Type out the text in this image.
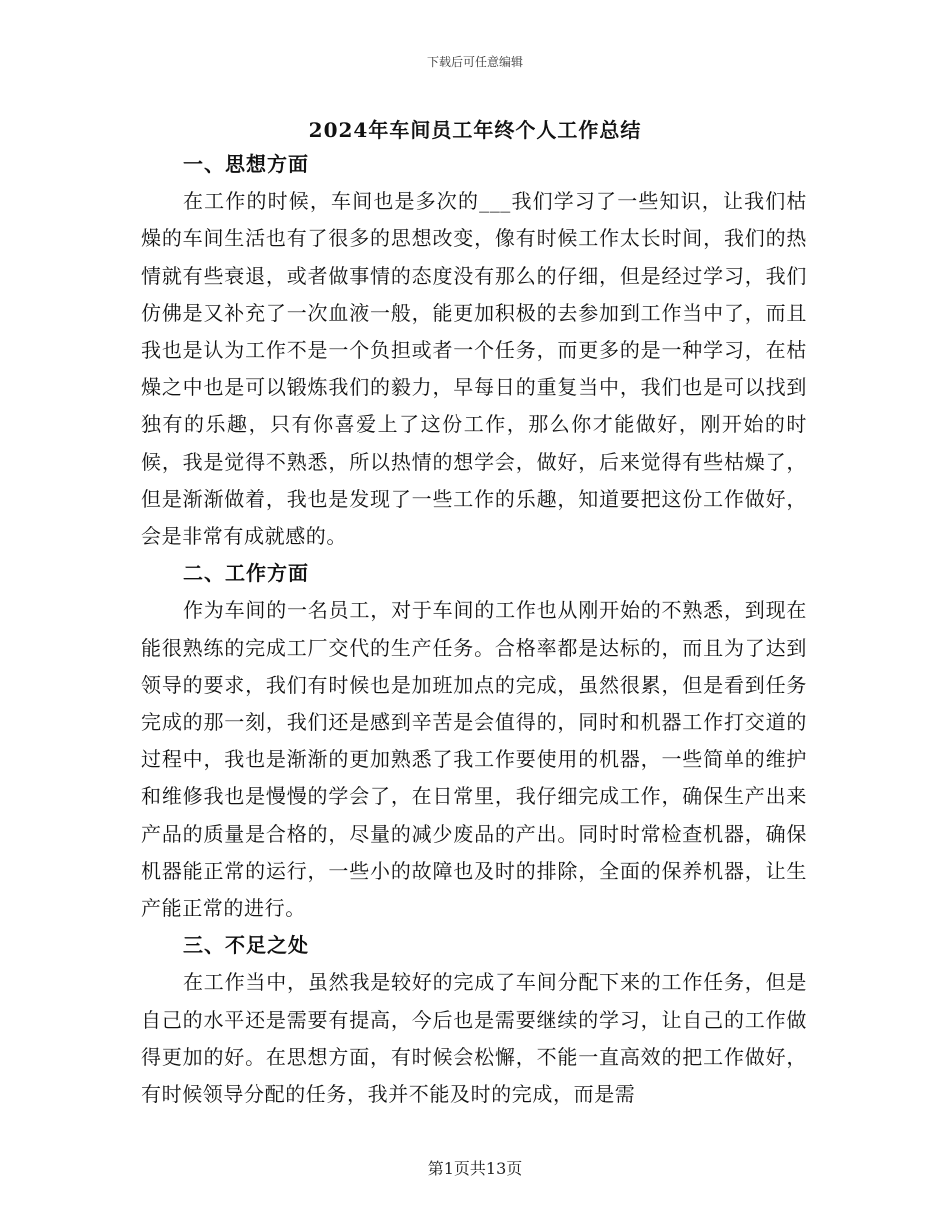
下载后可任意编辑
2024年车间员工年终个人工作总结
一、思想方面
在工作的时候，车间也是多次的___我们学习了一些知识，让我们枯燥的车间生活也有了很多的思想改变，像有时候工作太长时间，我们的热情就有些衰退，或者做事情的态度没有那么的仔细，但是经过学习，我们仿佛是又补充了一次血液一般，能更加积极的去参加到工作当中了，而且我也是认为工作不是一个负担或者一个任务，而更多的是一种学习，在枯燥之中也是可以锻炼我们的毅力，早每日的重复当中，我们也是可以找到独有的乐趣，只有你喜爱上了这份工作，那么你才能做好，刚开始的时候，我是觉得不熟悉，所以热情的想学会，做好，后来觉得有些枯燥了，但是渐渐做着，我也是发现了一些工作的乐趣，知道要把这份工作做好，会是非常有成就感的。
二、工作方面
作为车间的一名员工，对于车间的工作也从刚开始的不熟悉，到现在能很熟练的完成工厂交代的生产任务。合格率都是达标的，而且为了达到领导的要求，我们有时候也是加班加点的完成，虽然很累，但是看到任务完成的那一刻，我们还是感到辛苦是会值得的，同时和机器工作打交道的过程中，我也是渐渐的更加熟悉了我工作要使用的机器，一些简单的维护和维修我也是慢慢的学会了，在日常里，我仔细完成工作，确保生产出来产品的质量是合格的，尽量的减少废品的产出。同时时常检查机器，确保机器能正常的运行，一些小的故障也及时的排除，全面的保养机器，让生产能正常的进行。
三、不足之处
在工作当中，虽然我是较好的完成了车间分配下来的工作任务，但是自己的水平还是需要有提高，今后也是需要继续的学习，让自己的工作做得更加的好。在思想方面，有时候会松懈，不能一直高效的把工作做好，有时候领导分配的任务，我并不能及时的完成，而是需
第1页共13页
